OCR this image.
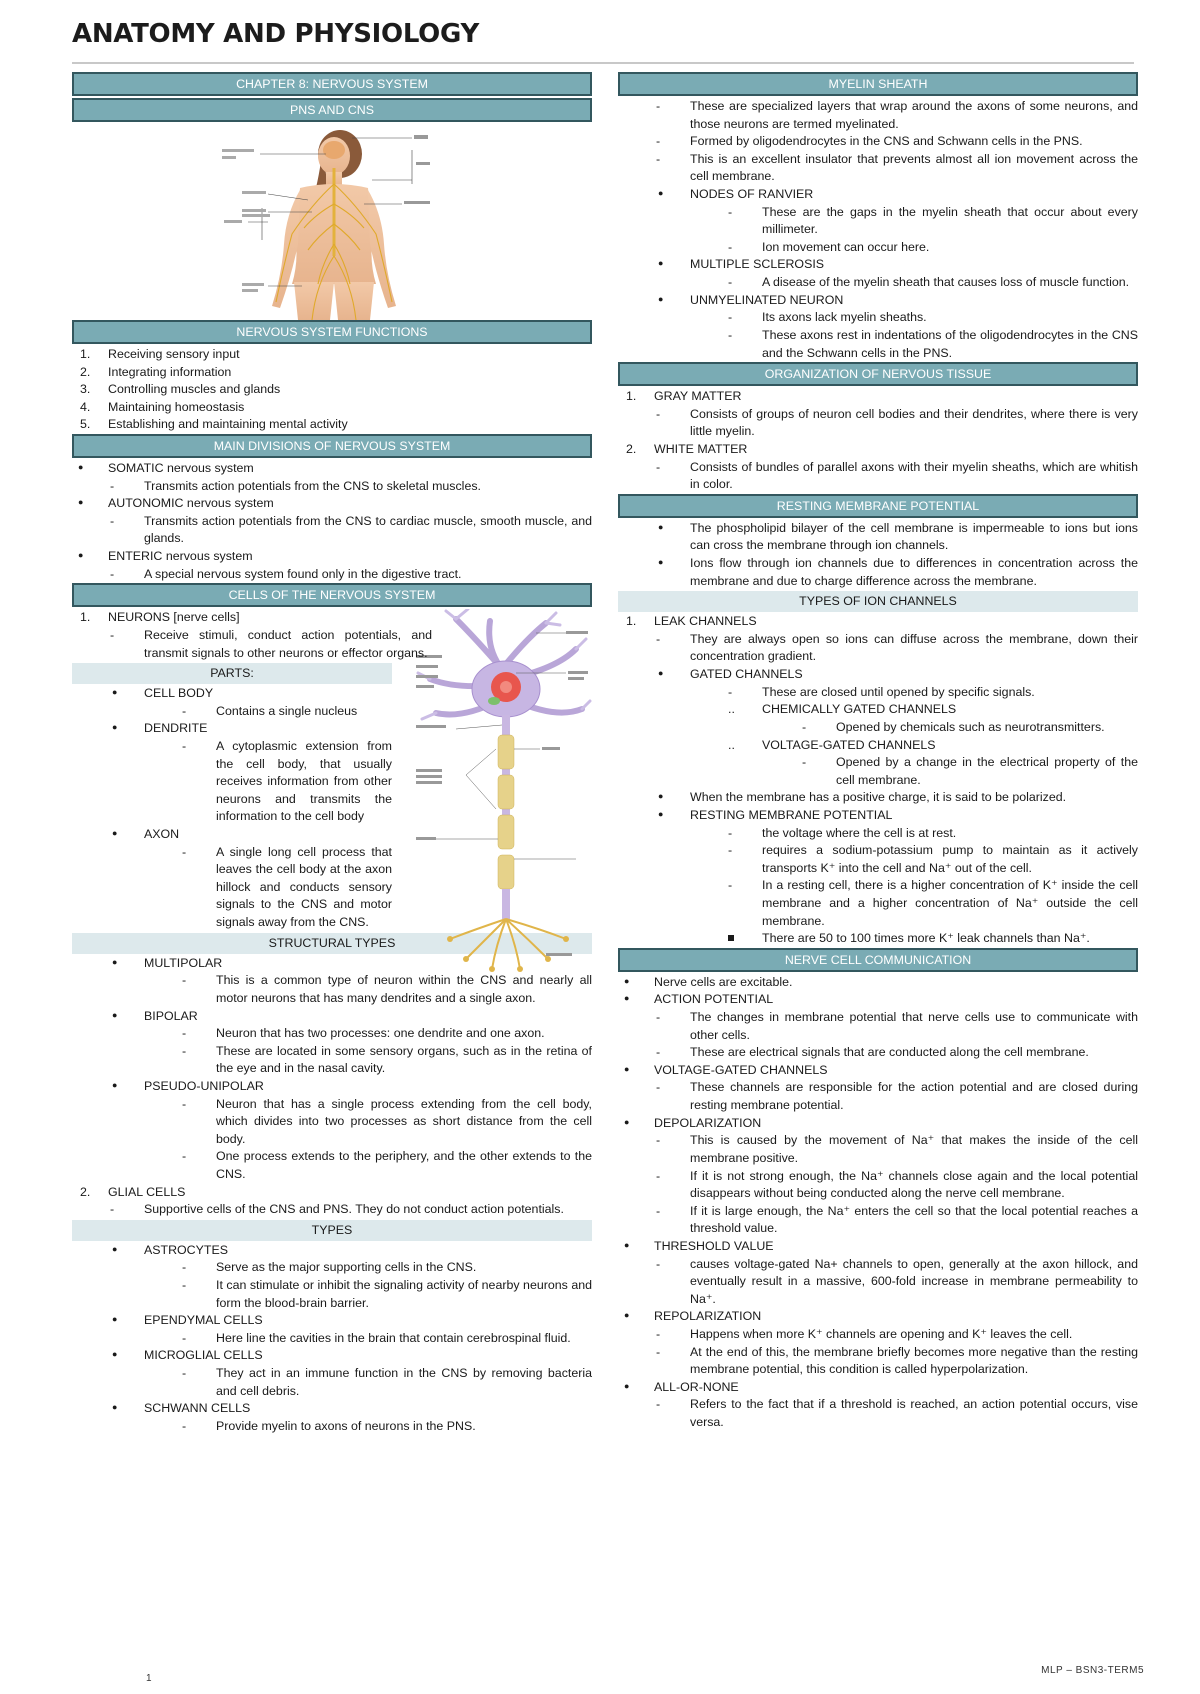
ANATOMY AND PHYSIOLOGY
CHAPTER 8: NERVOUS SYSTEM
PNS AND CNS
NERVOUS SYSTEM FUNCTIONS
1.	Receiving sensory input
2.	Integrating information
3.	Controlling muscles and glands
4.	Maintaining homeostasis
5.	Establishing and maintaining mental activity
MAIN DIVISIONS OF NERVOUS SYSTEM
●	SOMATIC nervous system
- Transmits action potentials from the CNS to skeletal muscles.
●	AUTONOMIC nervous system
- Transmits action potentials from the CNS to cardiac muscle, smooth muscle, and glands.
●	ENTERIC nervous system
- A special nervous system found only in the digestive tract.
CELLS OF THE NERVOUS SYSTEM
1.	NEURONS [nerve cells]
- Receive stimuli, conduct action potentials, and transmit signals to other neurons or effector organs.
PARTS:
● CELL BODY
- Contains a single nucleus
● DENDRITE
- A cytoplasmic extension from the cell body, that usually receives information from other neurons and transmits the information to the cell body
● AXON
- A single long cell process that leaves the cell body at the axon hillock and conducts sensory signals to the CNS and motor signals away from the CNS.
STRUCTURAL TYPES
● MULTIPOLAR
- This is a common type of neuron within the CNS and nearly all motor neurons that has many dendrites and a single axon.
● BIPOLAR
- Neuron that has two processes: one dendrite and one axon.
- These are located in some sensory organs, such as in the retina of the eye and in the nasal cavity.
● PSEUDO-UNIPOLAR
- Neuron that has a single process extending from the cell body, which divides into two processes as short distance from the cell body.
- One process extends to the periphery, and the other extends to the CNS.
2.	GLIAL CELLS
- Supportive cells of the CNS and PNS. They do not conduct action potentials.
TYPES
● ASTROCYTES
- Serve as the major supporting cells in the CNS.
- It can stimulate or inhibit the signaling activity of nearby neurons and form the blood-brain barrier.
● EPENDYMAL CELLS
- Here line the cavities in the brain that contain cerebrospinal fluid.
● MICROGLIAL CELLS
- They act in an immune function in the CNS by removing bacteria and cell debris.
● SCHWANN CELLS
- Provide myelin to axons of neurons in the PNS.
MYELIN SHEATH
- These are specialized layers that wrap around the axons of some neurons, and those neurons are termed myelinated.
- Formed by oligodendrocytes in the CNS and Schwann cells in the PNS.
- This is an excellent insulator that prevents almost all ion movement across the cell membrane.
● NODES OF RANVIER
- These are the gaps in the myelin sheath that occur about every millimeter.
- Ion movement can occur here.
● MULTIPLE SCLEROSIS
- A disease of the myelin sheath that causes loss of muscle function.
● UNMYELINATED NEURON
- Its axons lack myelin sheaths.
- These axons rest in indentations of the oligodendrocytes in the CNS and the Schwann cells in the PNS.
ORGANIZATION OF NERVOUS TISSUE
1.	GRAY MATTER
- Consists of groups of neuron cell bodies and their dendrites, where there is very little myelin.
2.	WHITE MATTER
- Consists of bundles of parallel axons with their myelin sheaths, which are whitish in color.
RESTING MEMBRANE POTENTIAL
● The phospholipid bilayer of the cell membrane is impermeable to ions but ions can cross the membrane through ion channels.
● Ions flow through ion channels due to differences in concentration across the membrane and due to charge difference across the membrane.
TYPES OF ION CHANNELS
1.	LEAK CHANNELS
- They are always open so ions can diffuse across the membrane, down their concentration gradient.
● GATED CHANNELS
- These are closed until opened by specific signals.
.. CHEMICALLY GATED CHANNELS
- Opened by chemicals such as neurotransmitters.
.. VOLTAGE-GATED CHANNELS
- Opened by a change in the electrical property of the cell membrane.
● When the membrane has a positive charge, it is said to be polarized.
● RESTING MEMBRANE POTENTIAL
- the voltage where the cell is at rest.
- requires a sodium-potassium pump to maintain as it actively transports K⁺ into the cell and Na⁺ out of the cell.
- In a resting cell, there is a higher concentration of K⁺ inside the cell membrane and a higher concentration of Na⁺ outside the cell membrane.
There are 50 to 100 times more K⁺ leak channels than Na⁺.
NERVE CELL COMMUNICATION
●	Nerve cells are excitable.
●	ACTION POTENTIAL
- The changes in membrane potential that nerve cells use to communicate with other cells.
- These are electrical signals that are conducted along the cell membrane.
●	VOLTAGE-GATED CHANNELS
- These channels are responsible for the action potential and are closed during resting membrane potential.
●	DEPOLARIZATION
- This is caused by the movement of Na⁺ that makes the inside of the cell membrane positive.
- If it is not strong enough, the Na⁺ channels close again and the local potential disappears without being conducted along the nerve cell membrane.
- If it is large enough, the Na⁺ enters the cell so that the local potential reaches a threshold value.
●	THRESHOLD VALUE
- causes voltage-gated Na+ channels to open, generally at the axon hillock, and eventually result in a massive, 600-fold increase in membrane permeability to Na⁺.
●	REPOLARIZATION
- Happens when more K⁺ channels are opening and K⁺ leaves the cell.
- At the end of this, the membrane briefly becomes more negative than the resting membrane potential, this condition is called hyperpolarization.
●	ALL-OR-NONE
- Refers to the fact that if a threshold is reached, an action potential occurs, vise versa.
MLP – BSN3-TERM5
1
